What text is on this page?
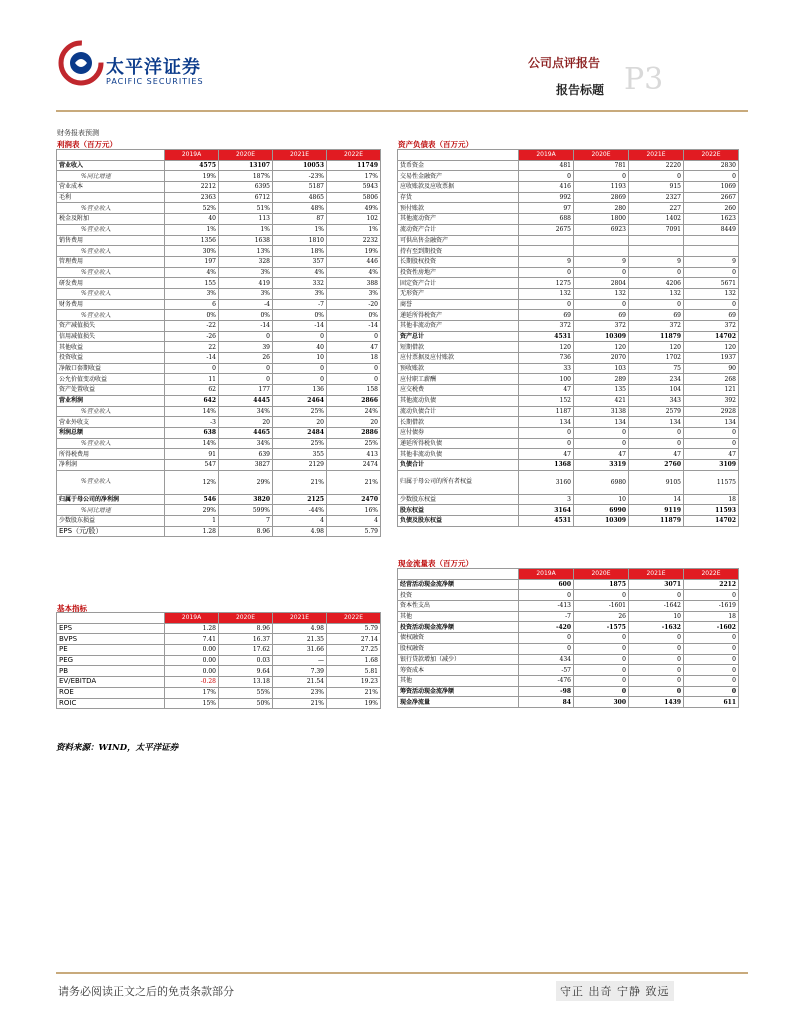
太平洋证券
PACIFIC SECURITIES
公司点评报告
报告标题 P3
财务报表预测
利润表（百万元）	资产负债表（百万元）
现金流量表（百万元）
基本指标
	2019A	2020E	2021E	2022E
营业收入	4575	13107	10053	11749
%同比增速	19%	187%	-23%	17%
营业成本	2212	6395	5187	5943
毛利	2363	6712	4865	5806
%营业收入	52%	51%	48%	49%
税金及附加	40	113	87	102
%营业收入	1%	1%	1%	1%
销售费用	1356	1638	1810	2232
%营业收入	30%	13%	18%	19%
管理费用	197	328	357	446
%营业收入	4%	3%	4%	4%
研发费用	155	419	332	388
%营业收入	3%	3%	3%	3%
财务费用	6	-4	-7	-20
%营业收入	0%	0%	0%	0%
资产减值损失	-22	-14	-14	-14
信用减值损失	-26	0	0	0
其他收益	22	39	40	47
投资收益	-14	26	10	18
净敞口套期收益	0	0	0	0
公允价值变动收益	11	0	0	0
资产处置收益	62	177	136	158
营业利润	642	4445	2464	2866
%营业收入	14%	34%	25%	24%
营业外收支	-3	20	20	20
利润总额	638	4465	2484	2886
%营业收入	14%	34%	25%	25%
所得税费用	91	639	355	413
净利润	547	3827	2129	2474
%营业收入	12%	29%	21%	21%
归属于母公司的净利润	546	3820	2125	2470
%同比增速	29%	599%	-44%	16%
少数股东损益	1	7	4	4
EPS（元/股）	1.28	8.96	4.98	5.79
	2019A	2020E	2021E	2022E
货币资金	481	781	2220	2830
交易性金融资产	0	0	0	0
应收账款及应收票据	416	1193	915	1069
存货	992	2869	2327	2667
预付账款	97	280	227	260
其他流动资产	688	1800	1402	1623
流动资产合计	2675	6923	7091	8449
可供出售金融资产				
持有至到期投资				
长期股权投资	9	9	9	9
投资性房地产	0	0	0	0
固定资产合计	1275	2804	4206	5671
无形资产	132	132	132	132
商誉	0	0	0	0
递延所得税资产	69	69	69	69
其他非流动资产	372	372	372	372
资产总计	4531	10309	11879	14702
短期借款	120	120	120	120
应付票据及应付账款	736	2070	1702	1937
预收账款	33	103	75	90
应付职工薪酬	100	289	234	268
应交税费	47	135	104	121
其他流动负债	152	421	343	392
流动负债合计	1187	3138	2579	2928
长期借款	134	134	134	134
应付债券	0	0	0	0
递延所得税负债	0	0	0	0
其他非流动负债	47	47	47	47
负债合计	1368	3319	2760	3109
归属于母公司的所有者权益	3160	6980	9105	11575
少数股东权益	3	10	14	18
股东权益	3164	6990	9119	11593
负债及股东权益	4531	10309	11879	14702
	2019A	2020E	2021E	2022E
经营活动现金流净额	600	1875	3071	2212
投资	0	0	0	0
资本性支出	-413	-1601	-1642	-1619
其他	-7	26	10	18
投资活动现金流净额	-420	-1575	-1632	-1602
债权融资	0	0	0	0
股权融资	0	0	0	0
银行贷款增加（减少）	434	0	0	0
筹资成本	-57	0	0	0
其他	-476	0	0	0
筹资活动现金流净额	-98	0	0	0
现金净流量	84	300	1439	611
	2019A	2020E	2021E	2022E
EPS	1.28	8.96	4.98	5.79
BVPS	7.41	16.37	21.35	27.14
PE	0.00	17.62	31.66	27.25
PEG	0.00	0.03	—	1.68
PB	0.00	9.64	7.39	5.81
EV/EBITDA	-0.28	13.18	21.54	19.23
ROE	17%	55%	23%	21%
ROIC	15%	50%	21%	19%
资料来源：WIND，太平洋证券
请务必阅读正文之后的免责条款部分	守正 出奇 宁静 致远
